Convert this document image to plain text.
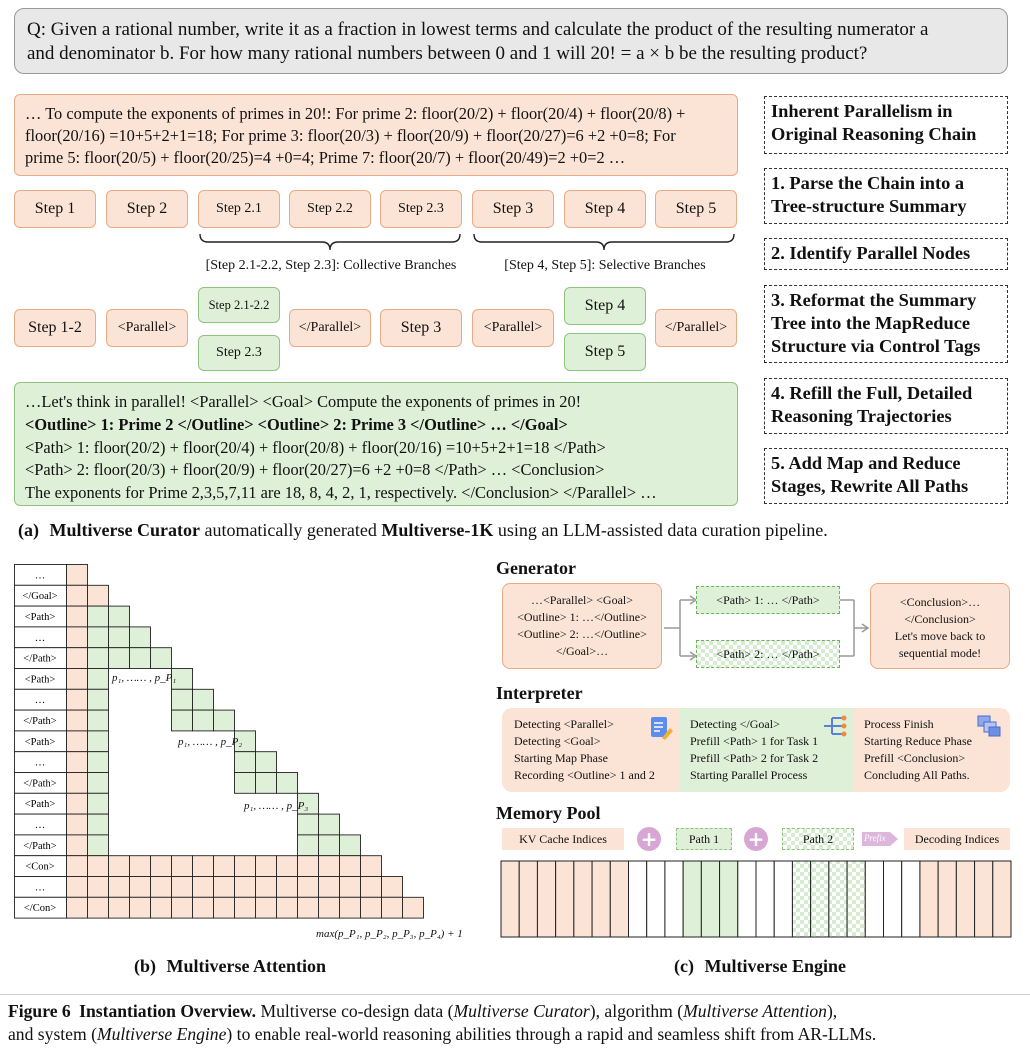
Q: Given a rational number, write it as a fraction in lowest terms and calculate the product of the resulting numerator a
and denominator b. For how many rational numbers between 0 and 1 will 20! = a × b be the resulting product?
… To compute the exponents of primes in 20!: For prime 2: floor(20/2) + floor(20/4) + floor(20/8) +
floor(20/16) =10+5+2+1=18; For prime 3: floor(20/3) + floor(20/9) + floor(20/27)=6 +2 +0=8; For
prime 5: floor(20/5) + floor(20/25)=4 +0=4; Prime 7: floor(20/7) + floor(20/49)=2 +0=2 …
Step 1	Step 2	Step 2.1	Step 2.2	Step 2.3	Step 3	Step 4	Step 5
[Step 2.1-2.2, Step 2.3]: Collective Branches	[Step 4, Step 5]: Selective Branches
Step 1-2	<Parallel>
Step 2.1-2.2
Step 2.3
</Parallel>	Step 3	<Parallel>
Step 4
Step 5
</Parallel>
…Let's think in parallel! <Parallel> <Goal> Compute the exponents of primes in 20!
<Outline> 1: Prime 2 </Outline> <Outline> 2: Prime 3 </Outline> … </Goal>
<Path> 1: floor(20/2) + floor(20/4) + floor(20/8) + floor(20/16) =10+5+2+1=18 </Path>
<Path> 2: floor(20/3) + floor(20/9) + floor(20/27)=6 +2 +0=8 </Path> … <Conclusion>
The exponents for Prime 2,3,5,7,11 are 18, 8, 4, 2, 1, respectively. </Conclusion> </Parallel> …
Inherent Parallelism in Original Reasoning Chain
1. Parse the Chain into a Tree-structure Summary
2. Identify Parallel Nodes
3. Reformat the Summary Tree into the MapReduce Structure via Control Tags
4. Refill the Full, Detailed Reasoning Trajectories
5. Add Map and Reduce Stages, Rewrite All Paths
(a) Multiverse Curator automatically generated Multiverse-1K using an LLM-assisted data curation pipeline.
…
</Goal>
<Path>
…
</Path>
<Path>
…
</Path>
<Path>
…
</Path>
<Path>
…
</Path>
<Con>
…
</Con>
p₁, …… , p_P₁
p₁, …… , p_P₂
p₁, …… , p_P₃
max(p_P₁, p_P₂, p_P₃, p_P₄) + 1
(b) Multiverse Attention
Generator
…<Parallel> <Goal>
<Outline> 1: …</Outline>
<Outline> 2: …</Outline>
</Goal>…
<Path> 1: … </Path>
<Path> 2: … </Path>
<Conclusion>…
</Conclusion>
Let's move back to
sequential mode!
Interpreter
Detecting <Parallel>
Detecting <Goal>
Starting Map Phase
Recording <Outline> 1 and 2
Detecting </Goal>
Prefill <Path> 1 for Task 1
Prefill <Path> 2 for Task 2
Starting Parallel Process
Process Finish
Starting Reduce Phase
Prefill <Conclusion>
Concluding All Paths.
Memory Pool
KV Cache Indices	+	Path 1	+	Path 2	Prefix	Decoding Indices
(c) Multiverse Engine
Figure 6 Instantiation Overview. Multiverse co-design data (Multiverse Curator), algorithm (Multiverse Attention),
and system (Multiverse Engine) to enable real-world reasoning abilities through a rapid and seamless shift from AR-LLMs.
